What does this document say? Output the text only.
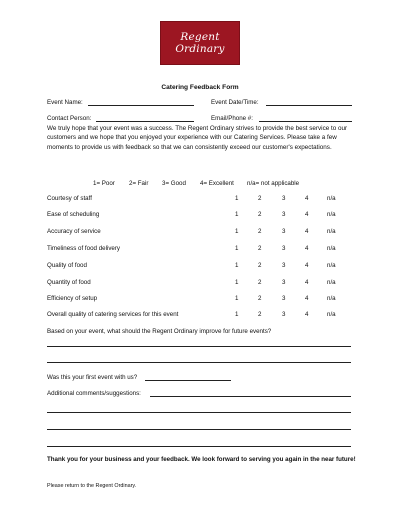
Regent
Ordinary
Catering Feedback Form
Event Name:	Event Date/Time:
Contact Person:	Email/Phone #:
We truly hope that your event was a success. The Regent Ordinary strives to provide the best service to our customers and we hope that you enjoyed your experience with our Catering Services. Please take a few moments to provide us with feedback so that we can consistently exceed our customer's expectations.
1= Poor 2= Fair 3= Good 4= Excellent n/a= not applicable
Courtesy of staff	1	2	3	4	n/a
Ease of scheduling	1	2	3	4	n/a
Accuracy of service	1	2	3	4	n/a
Timeliness of food delivery	1	2	3	4	n/a
Quality of food	1	2	3	4	n/a
Quantity of food	1	2	3	4	n/a
Efficiency of setup	1	2	3	4	n/a
Overall quality of catering services for this event	1	2	3	4	n/a
Based on your event, what should the Regent Ordinary improve for future events?
Was this your first event with us?
Additional comments/suggestions:
Thank you for your business and your feedback. We look forward to serving you again in the near future!
Please return to the Regent Ordinary.
